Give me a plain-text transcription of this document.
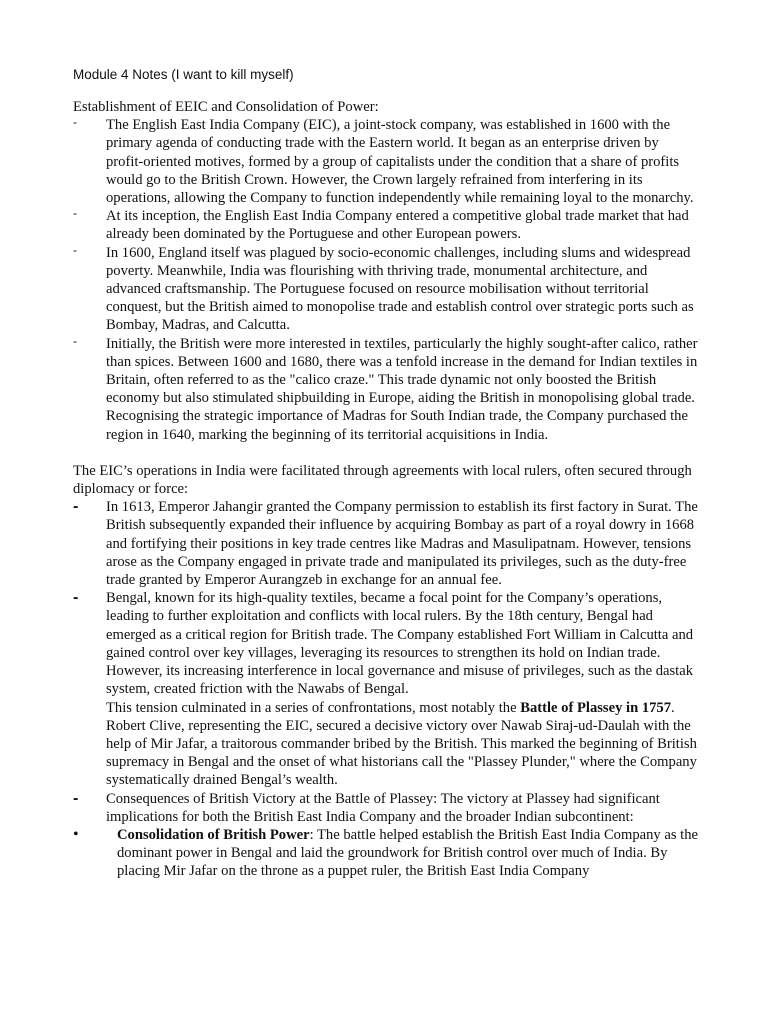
Module 4 Notes (I want to kill myself)

Establishment of EEIC and Consolidation of Power:

-	The English East India Company (EIC), a joint-stock company, was established in 1600 with the primary agenda of conducting trade with the Eastern world. It began as an enterprise driven by profit-oriented motives, formed by a group of capitalists under the condition that a share of profits would go to the British Crown. However, the Crown largely refrained from interfering in its operations, allowing the Company to function independently while remaining loyal to the monarchy.
-	At its inception, the English East India Company entered a competitive global trade market that had already been dominated by the Portuguese and other European powers.
-	In 1600, England itself was plagued by socio-economic challenges, including slums and widespread poverty. Meanwhile, India was flourishing with thriving trade, monumental architecture, and advanced craftsmanship. The Portuguese focused on resource mobilisation without territorial conquest, but the British aimed to monopolise trade and establish control over strategic ports such as Bombay, Madras, and Calcutta.
-	Initially, the British were more interested in textiles, particularly the highly sought-after calico, rather than spices. Between 1600 and 1680, there was a tenfold increase in the demand for Indian textiles in Britain, often referred to as the "calico craze." This trade dynamic not only boosted the British economy but also stimulated shipbuilding in Europe, aiding the British in monopolising global trade. Recognising the strategic importance of Madras for South Indian trade, the Company purchased the region in 1640, marking the beginning of its territorial acquisitions in India.

The EIC’s operations in India were facilitated through agreements with local rulers, often secured through diplomacy or force:

-	In 1613, Emperor Jahangir granted the Company permission to establish its first factory in Surat. The British subsequently expanded their influence by acquiring Bombay as part of a royal dowry in 1668 and fortifying their positions in key trade centres like Madras and Masulipatnam. However, tensions arose as the Company engaged in private trade and manipulated its privileges, such as the duty-free trade granted by Emperor Aurangzeb in exchange for an annual fee.
-	Bengal, known for its high-quality textiles, became a focal point for the Company’s operations, leading to further exploitation and conflicts with local rulers. By the 18th century, Bengal had emerged as a critical region for British trade. The Company established Fort William in Calcutta and gained control over key villages, leveraging its resources to strengthen its hold on Indian trade. However, its increasing interference in local governance and misuse of privileges, such as the dastak system, created friction with the Nawabs of Bengal.

This tension culminated in a series of confrontations, most notably the Battle of Plassey in 1757. Robert Clive, representing the EIC, secured a decisive victory over Nawab Siraj-ud-Daulah with the help of Mir Jafar, a traitorous commander bribed by the British. This marked the beginning of British supremacy in Bengal and the onset of what historians call the "Plassey Plunder," where the Company systematically drained Bengal’s wealth.

-	Consequences of British Victory at the Battle of Plassey: The victory at Plassey had significant implications for both the British East India Company and the broader Indian subcontinent:
•	Consolidation of British Power: The battle helped establish the British East India Company as the dominant power in Bengal and laid the groundwork for British control over much of India. By placing Mir Jafar on the throne as a puppet ruler, the British East India Company
